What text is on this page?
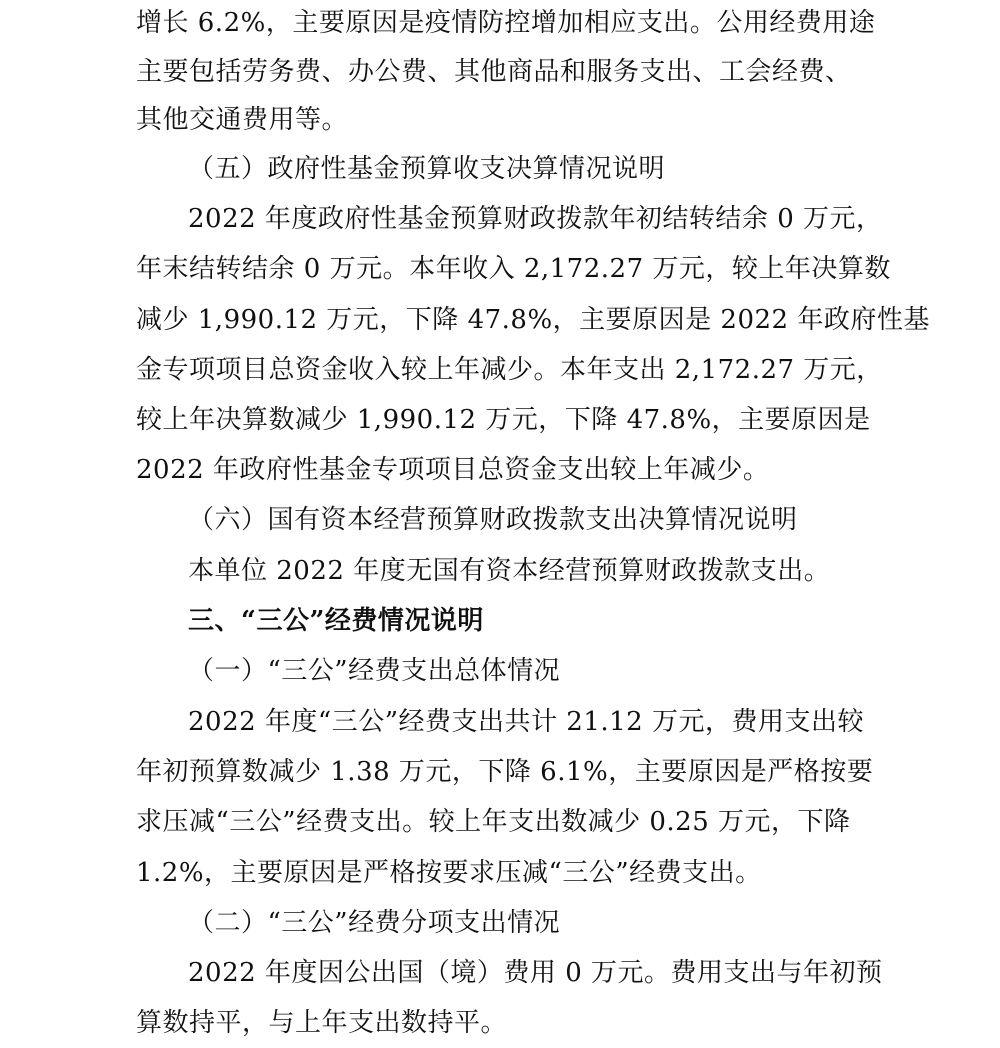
增长 6.2%，主要原因是疫情防控增加相应支出。公用经费用途
主要包括劳务费、办公费、其他商品和服务支出、工会经费、
其他交通费用等。
（五）政府性基金预算收支决算情况说明
2022 年度政府性基金预算财政拨款年初结转结余 0 万元，
年末结转结余 0 万元。本年收入 2,172.27 万元，较上年决算数
减少 1,990.12 万元，下降 47.8%，主要原因是 2022 年政府性基
金专项项目总资金收入较上年减少。本年支出 2,172.27 万元，
较上年决算数减少 1,990.12 万元，下降 47.8%，主要原因是
2022 年政府性基金专项项目总资金支出较上年减少。
（六）国有资本经营预算财政拨款支出决算情况说明
本单位 2022 年度无国有资本经营预算财政拨款支出。
三、“三公”经费情况说明
（一）“三公”经费支出总体情况
2022 年度“三公”经费支出共计 21.12 万元，费用支出较
年初预算数减少 1.38 万元，下降 6.1%，主要原因是严格按要
求压减“三公”经费支出。较上年支出数减少 0.25 万元，下降
1.2%，主要原因是严格按要求压减“三公”经费支出。
（二）“三公”经费分项支出情况
2022 年度因公出国（境）费用 0 万元。费用支出与年初预
算数持平，与上年支出数持平。
